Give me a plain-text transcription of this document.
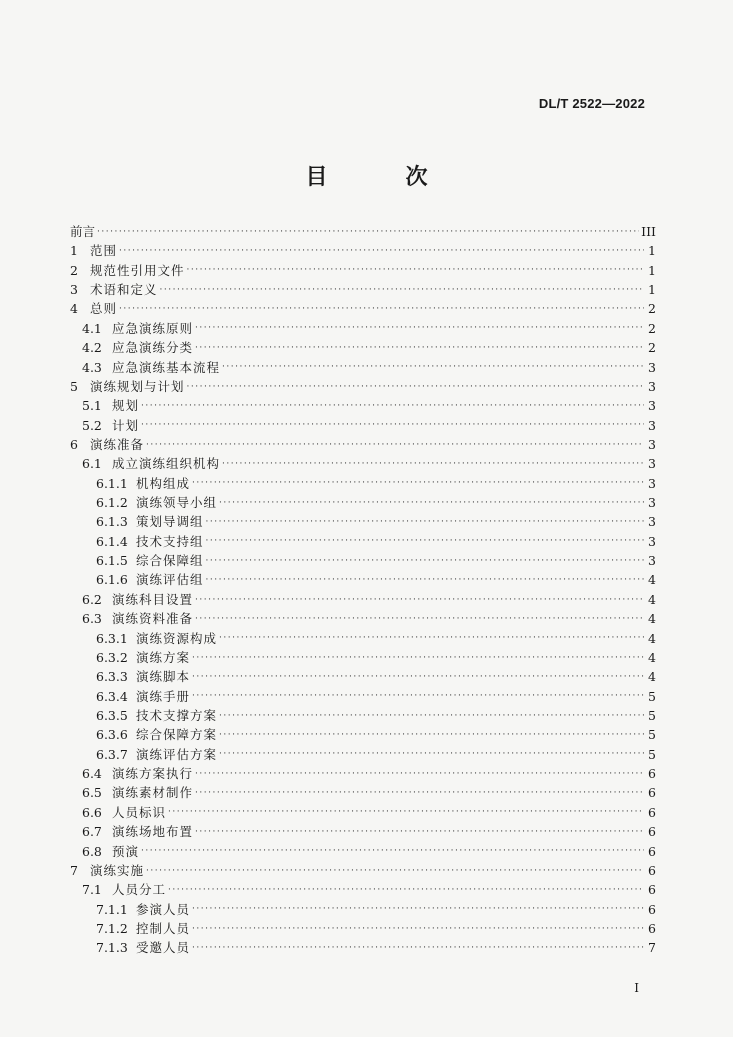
DL/T 2522—2022
目　次
前言 ·····	III
1 范围 ·····	1
2 规范性引用文件 ·····	1
3 术语和定义 ·····	1
4 总则 ·····	2
4.1 应急演练原则 ·····	2
4.2 应急演练分类 ·····	2
4.3 应急演练基本流程 ·····	3
5 演练规划与计划 ·····	3
5.1 规划 ·····	3
5.2 计划 ·····	3
6 演练准备 ·····	3
6.1 成立演练组织机构 ·····	3
6.1.1 机构组成 ·····	3
6.1.2 演练领导小组 ·····	3
6.1.3 策划导调组 ·····	3
6.1.4 技术支持组 ·····	3
6.1.5 综合保障组 ·····	3
6.1.6 演练评估组 ·····	4
6.2 演练科目设置 ·····	4
6.3 演练资料准备 ·····	4
6.3.1 演练资源构成 ·····	4
6.3.2 演练方案 ·····	4
6.3.3 演练脚本 ·····	4
6.3.4 演练手册 ·····	5
6.3.5 技术支撑方案 ·····	5
6.3.6 综合保障方案 ·····	5
6.3.7 演练评估方案 ·····	5
6.4 演练方案执行 ·····	6
6.5 演练素材制作 ·····	6
6.6 人员标识 ·····	6
6.7 演练场地布置 ·····	6
6.8 预演 ·····	6
7 演练实施 ·····	6
7.1 人员分工 ·····	6
7.1.1 参演人员 ·····	6
7.1.2 控制人员 ·····	6
7.1.3 受邀人员 ·····	7
I
